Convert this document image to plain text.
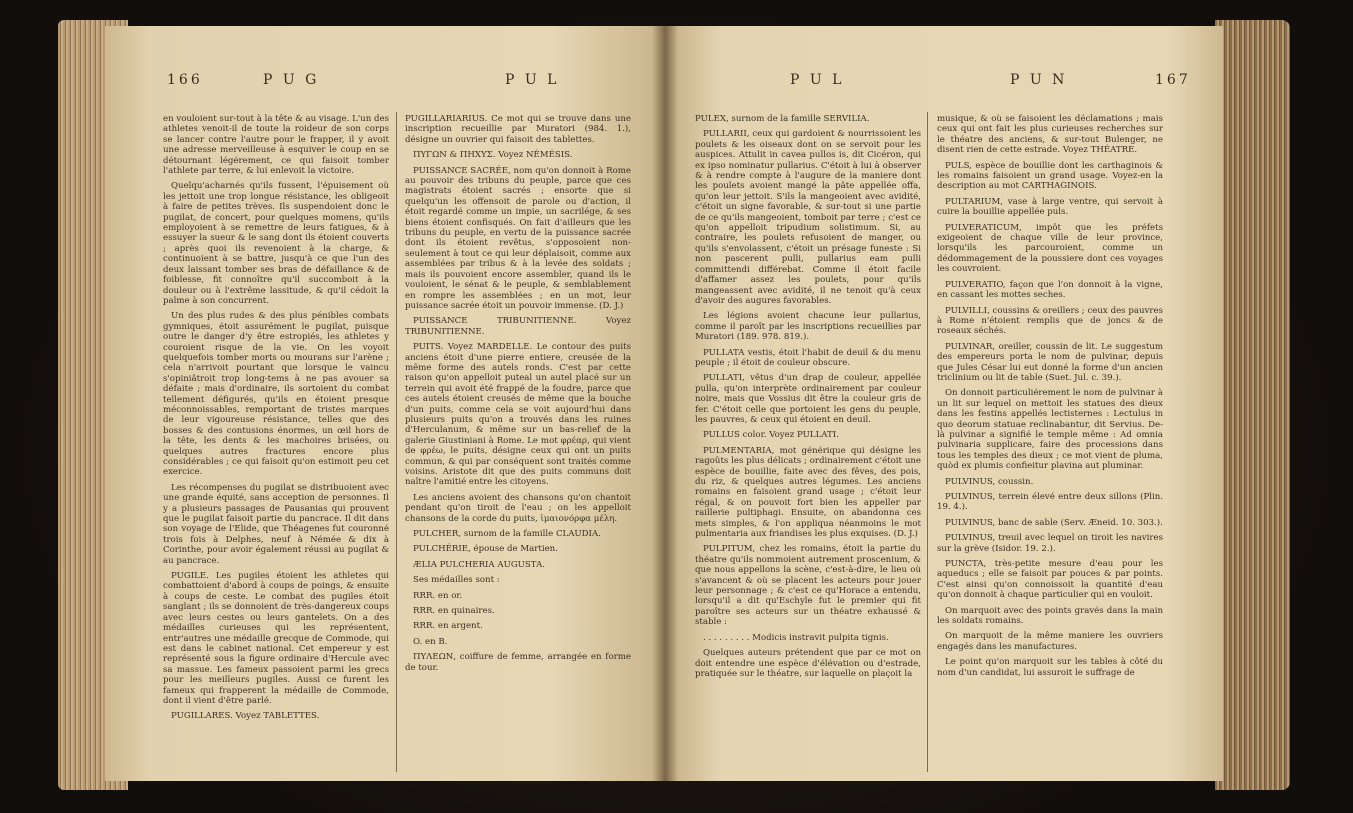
166	P U G	P U L

en vouloient sur-tout à la tête & au visage. L'un des athletes venoit-il de toute la roideur de son corps se lancer contre l'autre pour le frapper, il y avoit une adresse merveilleuse à esquiver le coup en se détournant légérement, ce qui faisoit tomber l'athlete par terre, & lui enlevoit la victoire.

Quelqu'acharnés qu'ils fussent, l'épuisement où les jettoit une trop longue résistance, les obligeoit à faire de petites trèves. Ils suspendoient donc le pugilat, de concert, pour quelques momens, qu'ils employoient à se remettre de leurs fatigues, & à essuyer la sueur & le sang dont ils étoient couverts ; après quoi ils revenoient à la charge, & continuoient à se battre, jusqu'à ce que l'un des deux laissant tomber ses bras de défaillance & de foiblesse, fit connoître qu'il succomboit à la douleur ou à l'extrême lassitude, & qu'il cédoit la palme à son concurrent.

Un des plus rudes & des plus pénibles combats gymniques, étoit assurément le pugilat, puisque outre le danger d'y être estropiés, les athletes y couroient risque de la vie. On les voyoit quelquefois tomber morts ou mourans sur l'arène ; cela n'arrivoit pourtant que lorsque le vaincu s'opiniâtroit trop long-tems à ne pas avouer sa défaite ; mais d'ordinaire, ils sortoient du combat tellement défigurés, qu'ils en étoient presque méconnoissables, remportant de tristes marques de leur vigoureuse résistance, telles que des bosses & des contusions énormes, un œil hors de la tête, les dents & les machoires brisées, ou quelques autres fractures encore plus considérables ; ce qui faisoit qu'on estimoit peu cet exercice.

Les récompenses du pugilat se distribuoient avec une grande équité, sans acception de personnes. Il y a plusieurs passages de Pausanias qui prouvent que le pugilat faisoit partie du pancrace. Il dit dans son voyage de l'Elide, que Théagenes fut couronné trois fois à Delphes, neuf à Némée & dix à Corinthe, pour avoir également réussi au pugilat & au pancrace.

PUGILE. Les pugiles étoient les athletes qui combattoient d'abord à coups de poings, & ensuite à coups de ceste. Le combat des pugiles étoit sanglant ; ils se donnoient de très-dangereux coups avec leurs cestes ou leurs gantelets. On a des médailles curieuses qui les représentent, entr'autres une médaille grecque de Commode, qui est dans le cabinet national. Cet empereur y est représenté sous la figure ordinaire d'Hercule avec sa massue. Les fameux passoient parmi les grecs pour les meilleurs pugiles. Aussi ce furent les fameux qui frapperent la médaille de Commode, dont il vient d'être parlé.

PUGILLARES. Voyez TABLETTES.

PUGILLARIARIUS. Ce mot qui se trouve dans une inscription recueillie par Muratori (984. 1.), désigne un ouvrier qui faisoit des tablettes.

ΠΥΓΩΝ & ΠΗΧΥΣ. Voyez NÉMÉSIS.

PUISSANCE SACRÉE, nom qu'on donnoit à Rome au pouvoir des tribuns du peuple, parce que ces magistrats étoient sacrés ; ensorte que si quelqu'un les offensoit de parole ou d'action, il étoit regardé comme un impie, un sacrilége, & ses biens étoient confisqués. On fait d'ailleurs que les tribuns du peuple, en vertu de la puissance sacrée dont ils étoient revêtus, s'opposoient non-seulement à tout ce qui leur déplaisoit, comme aux assemblées par tribus & à la levée des soldats ; mais ils pouvoient encore assembler, quand ils le vouloient, le sénat & le peuple, & semblablement en rompre les assemblées ; en un mot, leur puissance sacrée étoit un pouvoir immense. (D. J.)

PUISSANCE TRIBUNITIENNE. Voyez TRIBUNITIENNE.

PUITS. Voyez MARDELLE. Le contour des puits anciens étoit d'une pierre entiere, creusée de la même forme des autels ronds. C'est par cette raison qu'on appelloit puteal un autel placé sur un terrein qui avoit été frappé de la foudre, parce que ces autels étoient creusés de même que la bouche d'un puits, comme cela se voit aujourd'hui dans plusieurs puits qu'on a trouvés dans les ruines d'Herculanum, & même sur un bas-relief de la galerie Giustiniani à Rome. Le mot φρέαρ, qui vient de φρέω, le puits, désigne ceux qui ont un puits commun, & qui par conséquent sont traités comme voisins. Aristote dit que des puits communs doit naître l'amitié entre les citoyens.

Les anciens avoient des chansons qu'on chantoit pendant qu'on tiroit de l'eau ; on les appelloit chansons de la corde du puits, ἱμαιονόρφα μέλη.

PULCHER, surnom de la famille CLAUDIA.

PULCHÉRIE, épouse de Martien.

ÆLIA PULCHERIA AUGUSTA.

Ses médailles sont :

RRR. en or.

RRR. en quinaires.

RRR. en argent.

O. en B.

ΠΥΛΕΩΝ, coiffure de femme, arrangée en forme de tour.

P U L	P U N	167

PULEX, surnom de la famille SERVILIA.

PULLARII, ceux qui gardoient & nourrissoient les poulets & les oiseaux dont on se servoit pour les auspices. Attulit in cavea pullos is, dit Cicéron, qui ex ipso nominatur pullarius. C'étoit à lui à observer & à rendre compte à l'augure de la maniere dont les poulets avoient mangé la pâte appellée offa, qu'on leur jettoit. S'ils la mangeoient avec avidité, c'étoit un signe favorable, & sur-tout si une partie de ce qu'ils mangeoient, tomboit par terre ; c'est ce qu'on appelloit tripudium solistimum. Si, au contraire, les poulets refusoient de manger, ou qu'ils s'envolassent, c'étoit un présage funeste : Si non pascerent pulli, pullarius eam pulli committendi différebat. Comme il étoit facile d'affamer assez les poulets, pour qu'ils mangeassent avec avidité, il ne tenoit qu'à ceux d'avoir des augures favorables.

Les légions avoient chacune leur pullarius, comme il paroît par les inscriptions recueillies par Muratori (189. 978. 819.).

PULLATA vestis, étoit l'habit de deuil & du menu peuple ; il étoit de couleur obscure.

PULLATI, vêtus d'un drap de couleur, appellée pulla, qu'on interprète ordinairement par couleur noire, mais que Vossius dit être la couleur gris de fer. C'étoit celle que portoient les gens du peuple, les pauvres, & ceux qui étoient en deuil.

PULLUS color. Voyez PULLATI.

PULMENTARIA, mot générique qui désigne les ragoûts les plus délicats ; ordinairement c'étoit une espèce de bouillie, faite avec des fêves, des pois, du riz, & quelques autres légumes. Les anciens romains en faisoient grand usage ; c'étoit leur régal, & on pouvoit fort bien les appeller par raillerie pultiphagi. Ensuite, on abandonna ces mets simples, & l'on appliqua néanmoins le mot pulmentaria aux friandises les plus exquises. (D. J.)

PULPITUM, chez les romains, étoit la partie du théatre qu'ils nommoient autrement proscenium, & que nous appellons la scène, c'est-à-dire, le lieu où s'avancent & où se placent les acteurs pour jouer leur personnage ; & c'est ce qu'Horace a entendu, lorsqu'il a dit qu'Eschyle fut le premier qui fit paroître ses acteurs sur un théatre exhaussé & stable :

. . . . . . . . . Modicis instravit pulpita tignis.

Quelques auteurs prétendent que par ce mot on doit entendre une espèce d'élévation ou d'estrade, pratiquée sur le théatre, sur laquelle on plaçoit la

musique, & où se faisoient les déclamations ; mais ceux qui ont fait les plus curieuses recherches sur le théatre des anciens, & sur-tout Bulenger, ne disent rien de cette estrade. Voyez THÉATRE.

PULS, espèce de bouillie dont les carthaginois & les romains faisoient un grand usage. Voyez-en la description au mot CARTHAGINOIS.

PULTARIUM, vase à large ventre, qui servoit à cuire la bouillie appellée puls.

PULVERATICUM, impôt que les préfets exigeoient de chaque ville de leur province, lorsqu'ils les parcouroient, comme un dédommagement de la poussiere dont ces voyages les couvroient.

PULVERATIO, façon que l'on donnoit à la vigne, en cassant les mottes seches.

PULVILLI, coussins & oreillers ; ceux des pauvres à Rome n'étoient remplis que de joncs & de roseaux séchés.

PULVINAR, oreiller, coussin de lit. Le suggestum des empereurs porta le nom de pulvinar, depuis que Jules César lui eut donné la forme d'un ancien triclinium ou lit de table (Suet. Jul. c. 39.).

On donnoit particuliérement le nom de pulvinar à un lit sur lequel on mettoit les statues des dieux dans les festins appellés lectisternes : Lectulus in quo deorum statuae reclinabantur, dit Servius. De-là pulvinar a signifié le temple même : Ad omnia pulvinaria supplicare, faire des processions dans tous les temples des dieux ; ce mot vient de pluma, quòd ex plumis confieitur plavina aut pluminar.

PULVINUS, coussin.

PULVINUS, terrein élevé entre deux sillons (Plin. 19. 4.).

PULVINUS, banc de sable (Serv. Æneid. 10. 303.).

PULVINUS, treuil avec lequel on tiroit les navires sur la grève (Isidor. 19. 2.).

PUNCTA, très-petite mesure d'eau pour les aqueducs ; elle se faisoit par pouces & par points. C'est ainsi qu'on connoissoit la quantité d'eau qu'on donnoit à chaque particulier qui en vouloit.

On marquoit avec des points gravés dans la main les soldats romains.

On marquoit de la même maniere les ouvriers engagés dans les manufactures.

Le point qu'on marquoit sur les tables à côté du nom d'un candidat, lui assuroit le suffrage de
